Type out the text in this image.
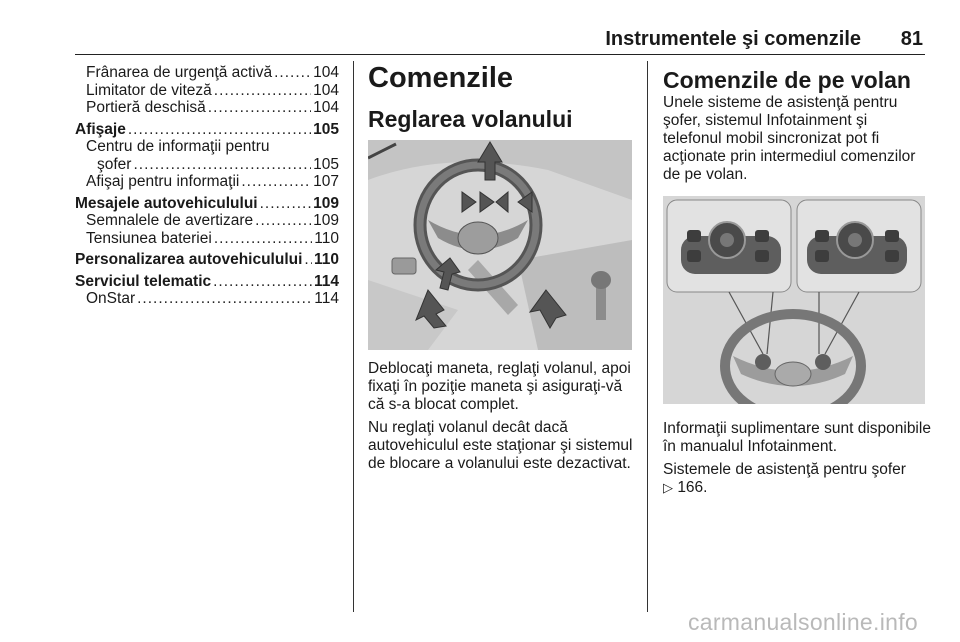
Instrumentele şi comenzile 81
Frânarea de urgenţă activă .....	104
Limitator de viteză .....	104
Portieră deschisă .....	104
Afişaje .....	105
Centru de informaţii pentru
şofer .....	105
Afişaj pentru informaţii .....	107
Mesajele autovehiculului .....	109
Semnalele de avertizare .....	109
Tensiunea bateriei .....	110
Personalizarea autovehiculului ..... 110
Serviciul telematic .....	114
OnStar .....	114
Comenzile
Reglarea volanului

Deblocaţi maneta, reglaţi volanul, apoi fixaţi în poziţie maneta şi asiguraţi-vă că s-a blocat complet.

Nu reglaţi volanul decât dacă autovehiculul este staţionar şi sistemul de blocare a volanului este dezactivat.

Comenzile de pe volan

Unele sisteme de asistenţă pentru şofer, sistemul Infotainment şi telefonul mobil sincronizat pot fi acţionate prin intermediul comenzilor de pe volan.

Informaţii suplimentare sunt disponibile în manualul Infotainment.

Sistemele de asistenţă pentru şofer
▷ 166.

carmanualsonline.info
